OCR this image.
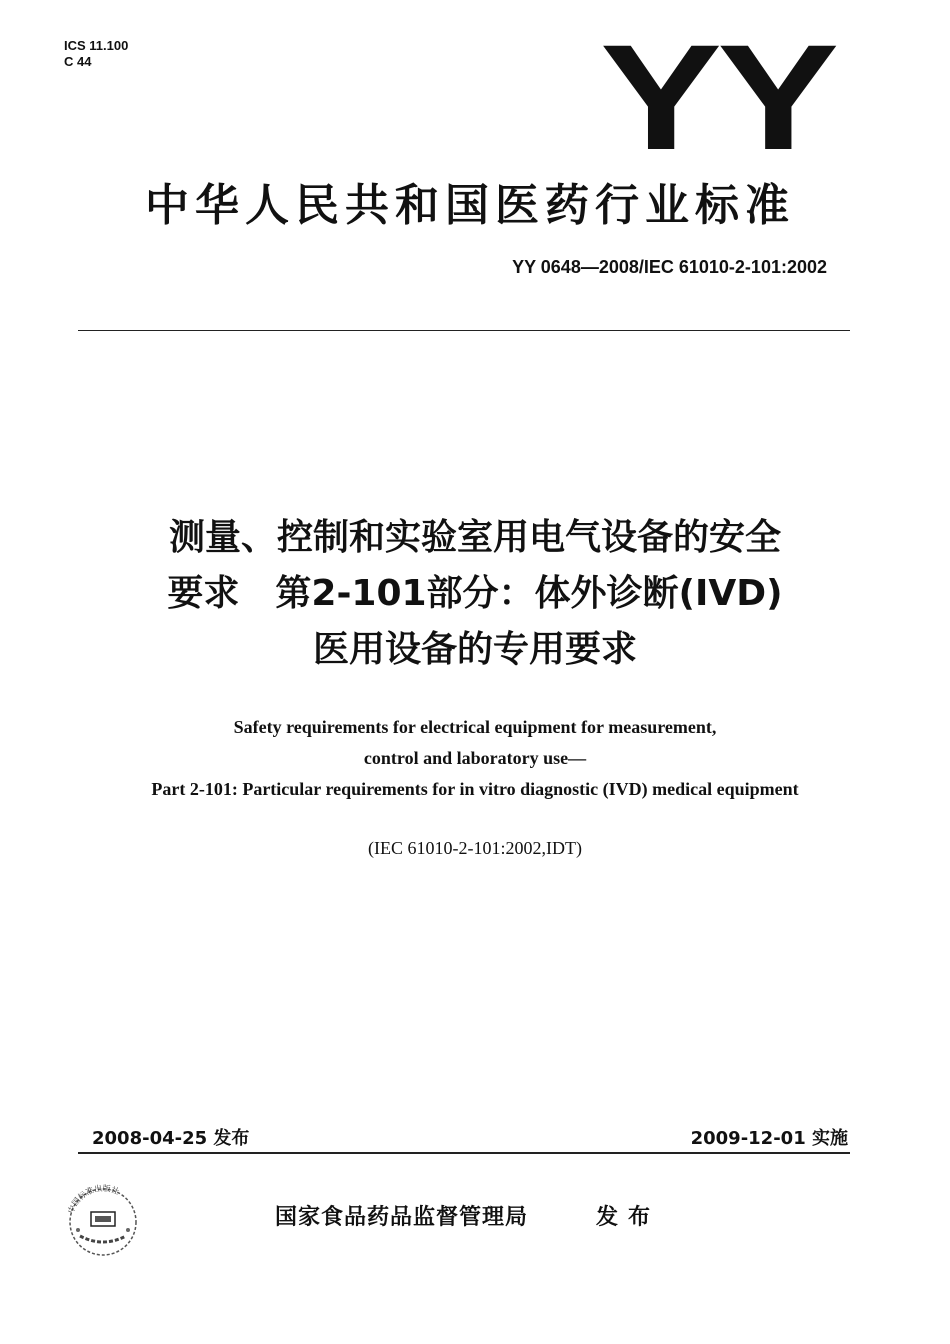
ICS 11.100
C 44	YY
中华人民共和国医药行业标准
YY 0648—2008/IEC 61010-2-101:2002
测量、控制和实验室用电气设备的安全
要求　第2-101部分：体外诊断(IVD)
医用设备的专用要求
Safety requirements for electrical equipment for measurement,
control and laboratory use—
Part 2-101: Particular requirements for in vitro diagnostic (IVD) medical equipment
(IEC 61010-2-101:2002,IDT)
2008-04-25 发布	2009-12-01 实施
中国标准出版社
国家食品药品监督管理局	发布
